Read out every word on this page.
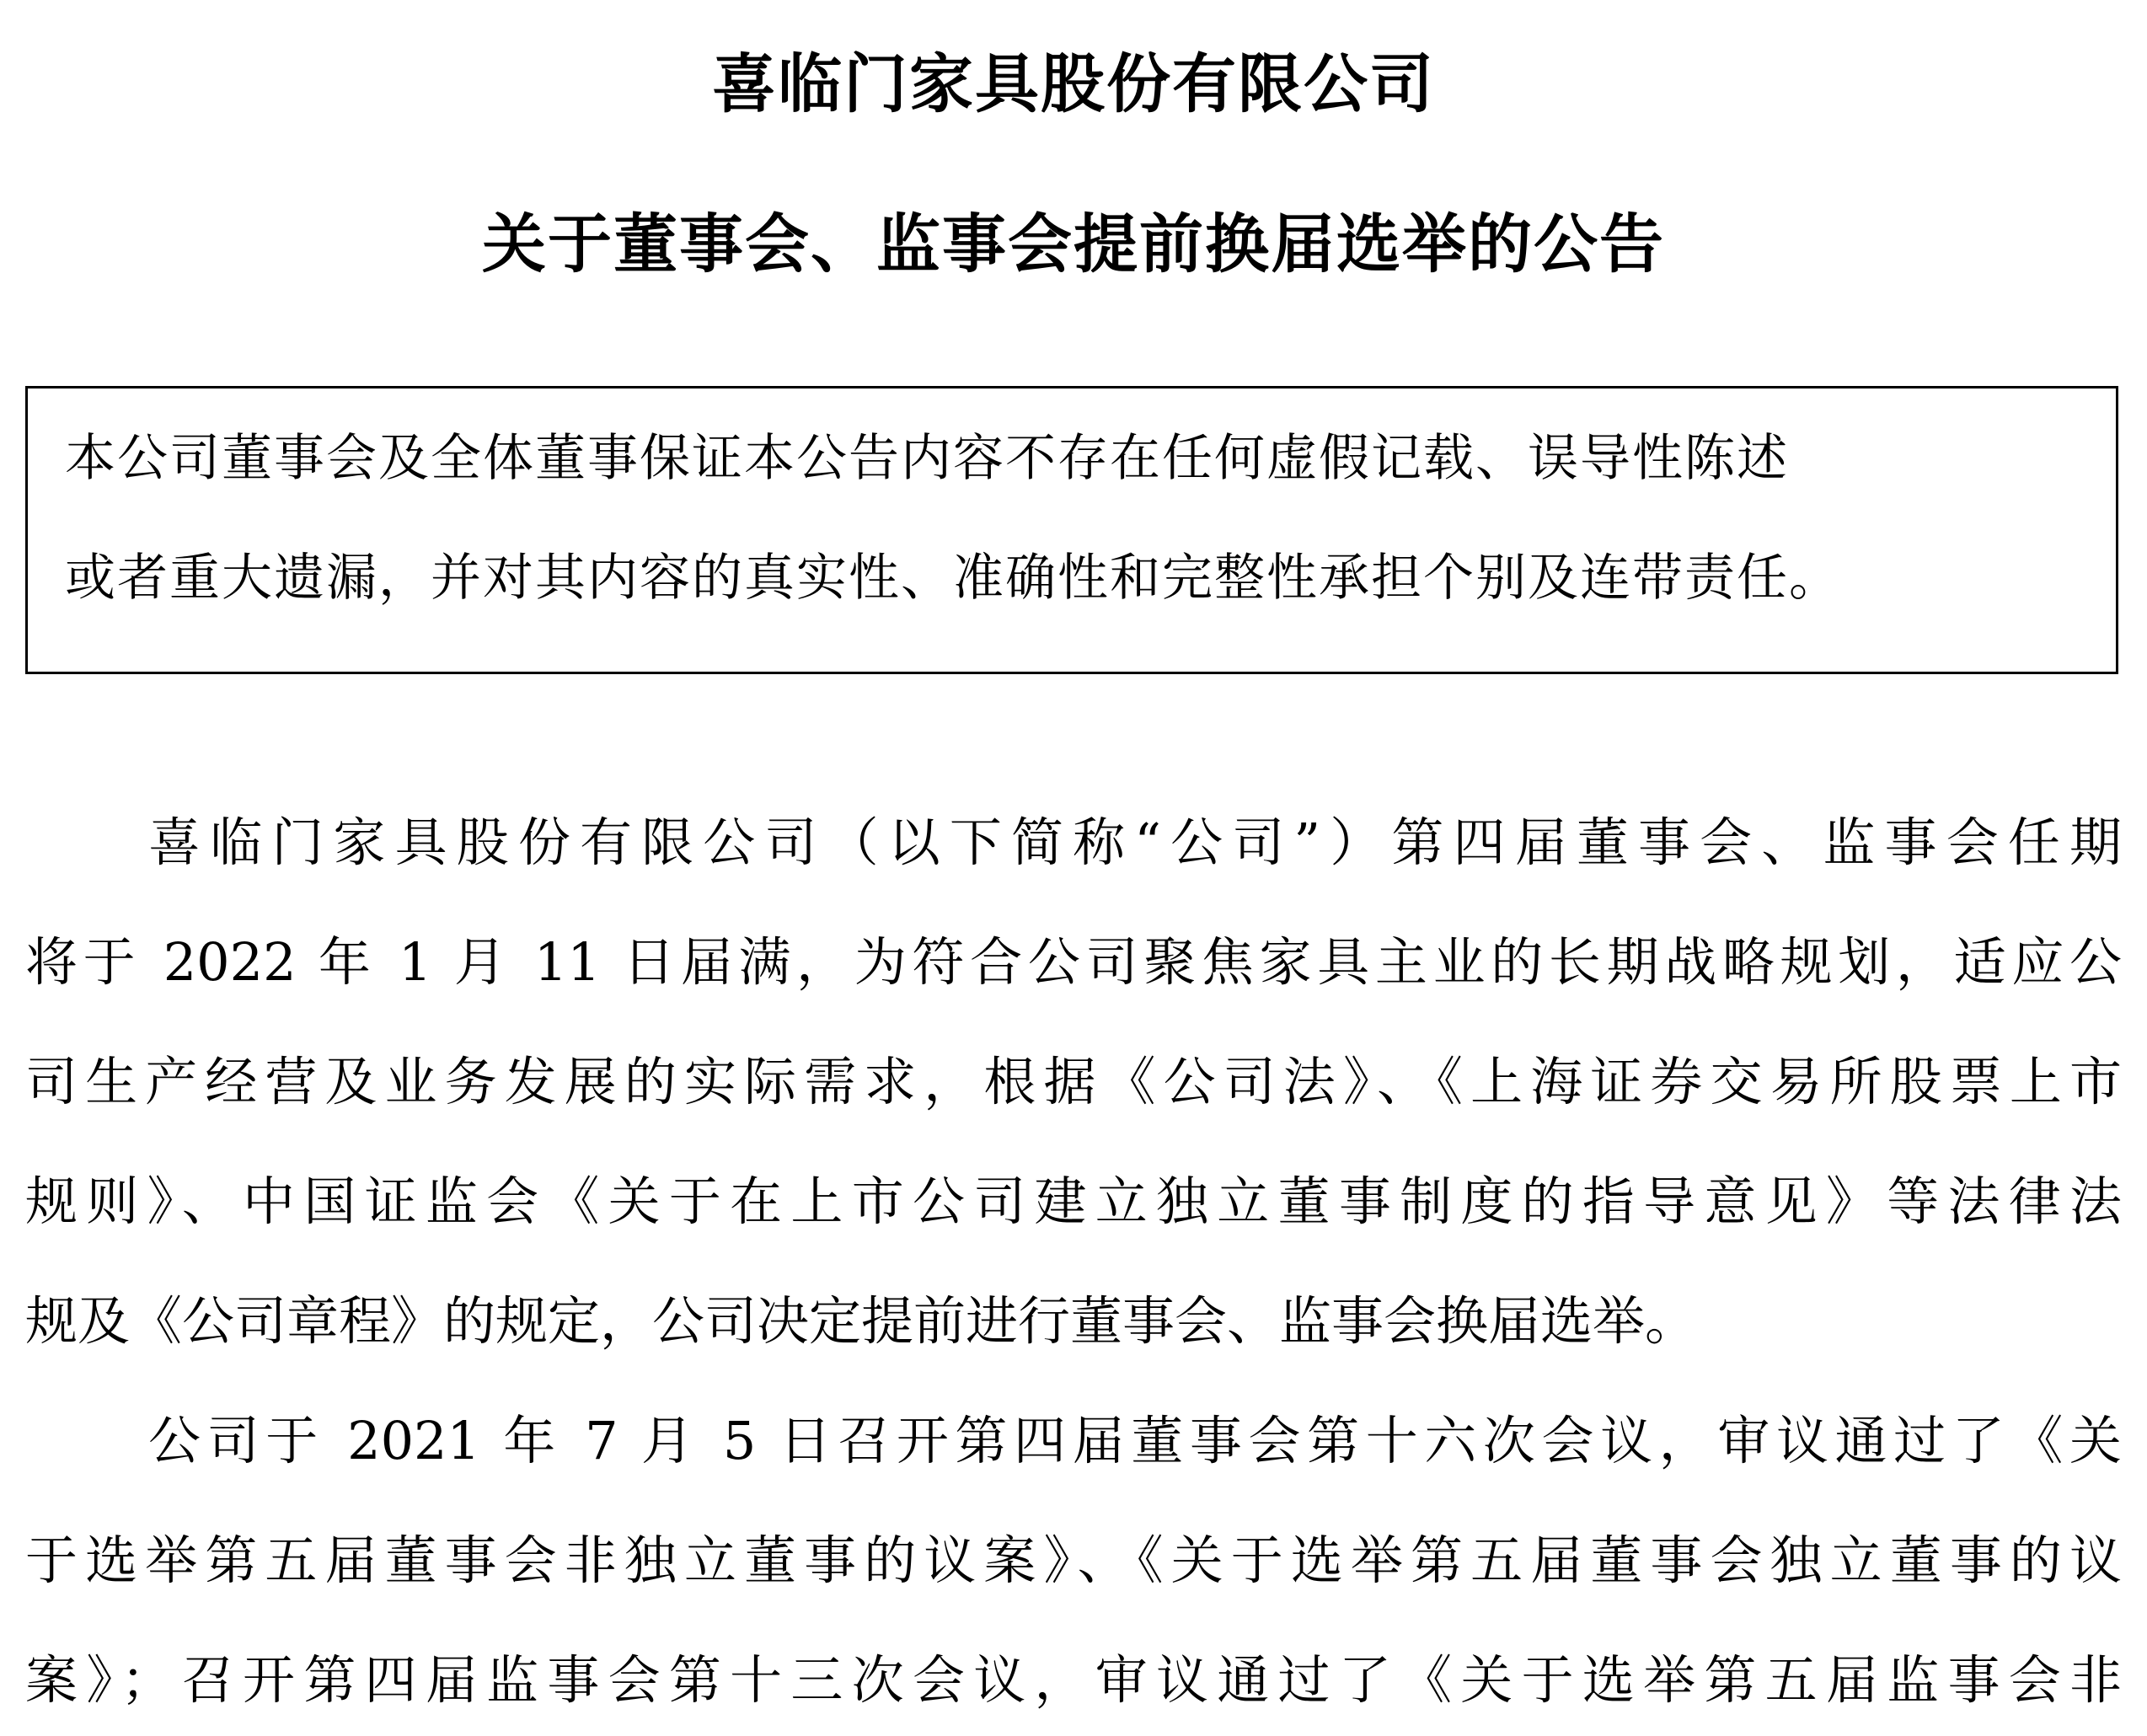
喜临门家具股份有限公司
关于董事会、监事会提前换届选举的公告
本公司董事会及全体董事保证本公告内容不存在任何虚假记载、误导性陈述
或者重大遗漏，并对其内容的真实性、准确性和完整性承担个别及连带责任。
喜临门家具股份有限公司（以下简称“公司”）第四届董事会、监事会任期
将于 2022 年 1 月 11 日届满，为符合公司聚焦家具主业的长期战略规划，适应公
司生产经营及业务发展的实际需求，根据《公司法》、《上海证券交易所股票上市
规则》、中国证监会《关于在上市公司建立独立董事制度的指导意见》等法律法
规及《公司章程》的规定，公司决定提前进行董事会、监事会换届选举。
公司于 2021 年 7 月 5 日召开第四届董事会第十六次会议，审议通过了《关
于选举第五届董事会非独立董事的议案》、《关于选举第五届董事会独立董事的议
案》；召开第四届监事会第十三次会议，审议通过了《关于选举第五届监事会非
